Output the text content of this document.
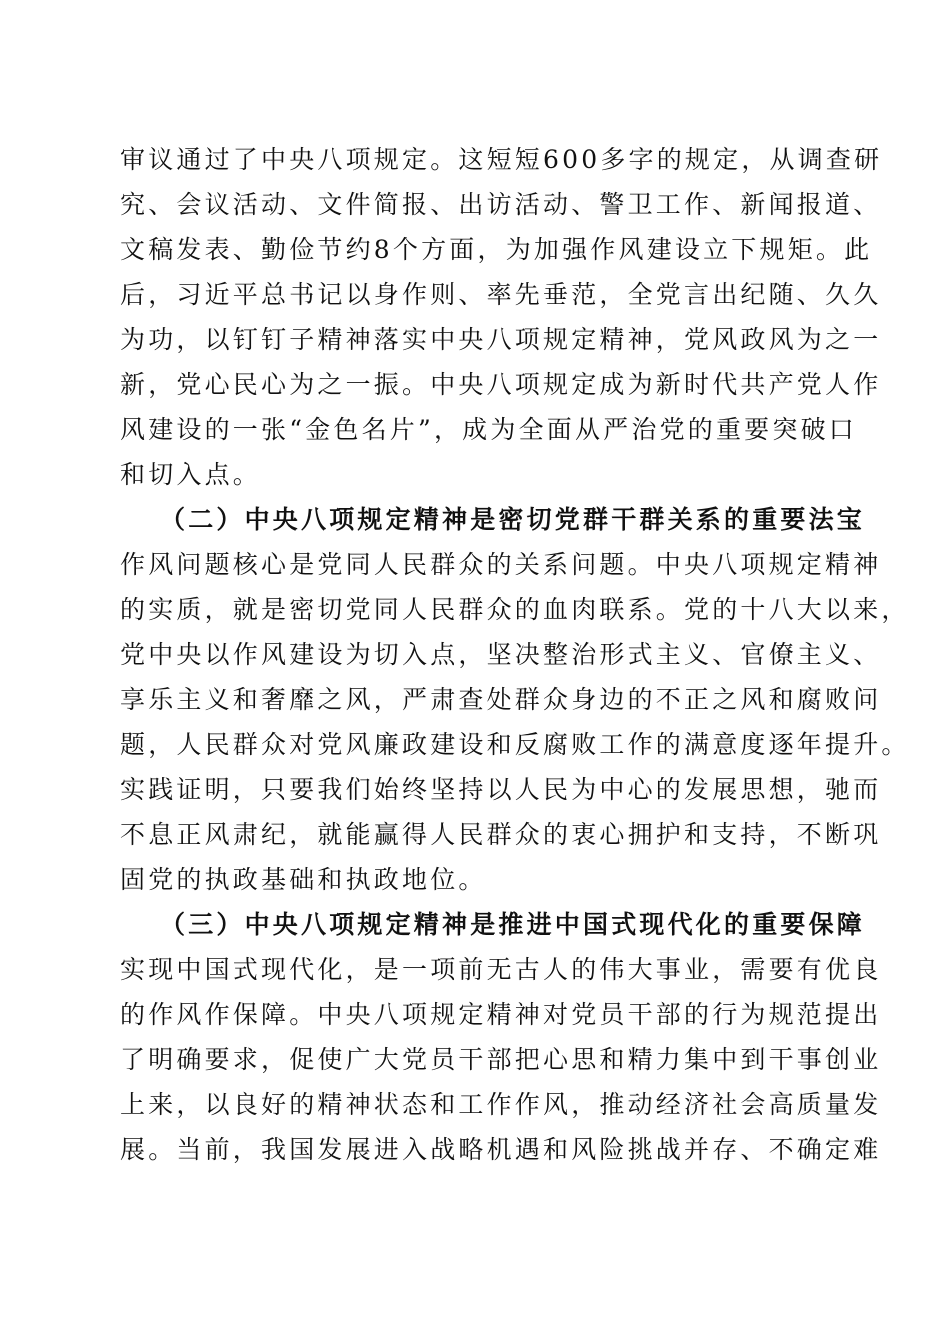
审议通过了中央八项规定。这短短600多字的规定，从调查研
究、会议活动、文件简报、出访活动、警卫工作、新闻报道、
文稿发表、勤俭节约8个方面，为加强作风建设立下规矩。此
后，习近平总书记以身作则、率先垂范，全党言出纪随、久久
为功，以钉钉子精神落实中央八项规定精神，党风政风为之一
新，党心民心为之一振。中央八项规定成为新时代共产党人作
风建设的一张“金色名片”，成为全面从严治党的重要突破口
和切入点。
（二）中央八项规定精神是密切党群干群关系的重要法宝
作风问题核心是党同人民群众的关系问题。中央八项规定精神
的实质，就是密切党同人民群众的血肉联系。党的十八大以来，
党中央以作风建设为切入点，坚决整治形式主义、官僚主义、
享乐主义和奢靡之风，严肃查处群众身边的不正之风和腐败问
题，人民群众对党风廉政建设和反腐败工作的满意度逐年提升。
实践证明，只要我们始终坚持以人民为中心的发展思想，驰而
不息正风肃纪，就能赢得人民群众的衷心拥护和支持，不断巩
固党的执政基础和执政地位。
（三）中央八项规定精神是推进中国式现代化的重要保障
实现中国式现代化，是一项前无古人的伟大事业，需要有优良
的作风作保障。中央八项规定精神对党员干部的行为规范提出
了明确要求，促使广大党员干部把心思和精力集中到干事创业
上来，以良好的精神状态和工作作风，推动经济社会高质量发
展。当前，我国发展进入战略机遇和风险挑战并存、不确定难
